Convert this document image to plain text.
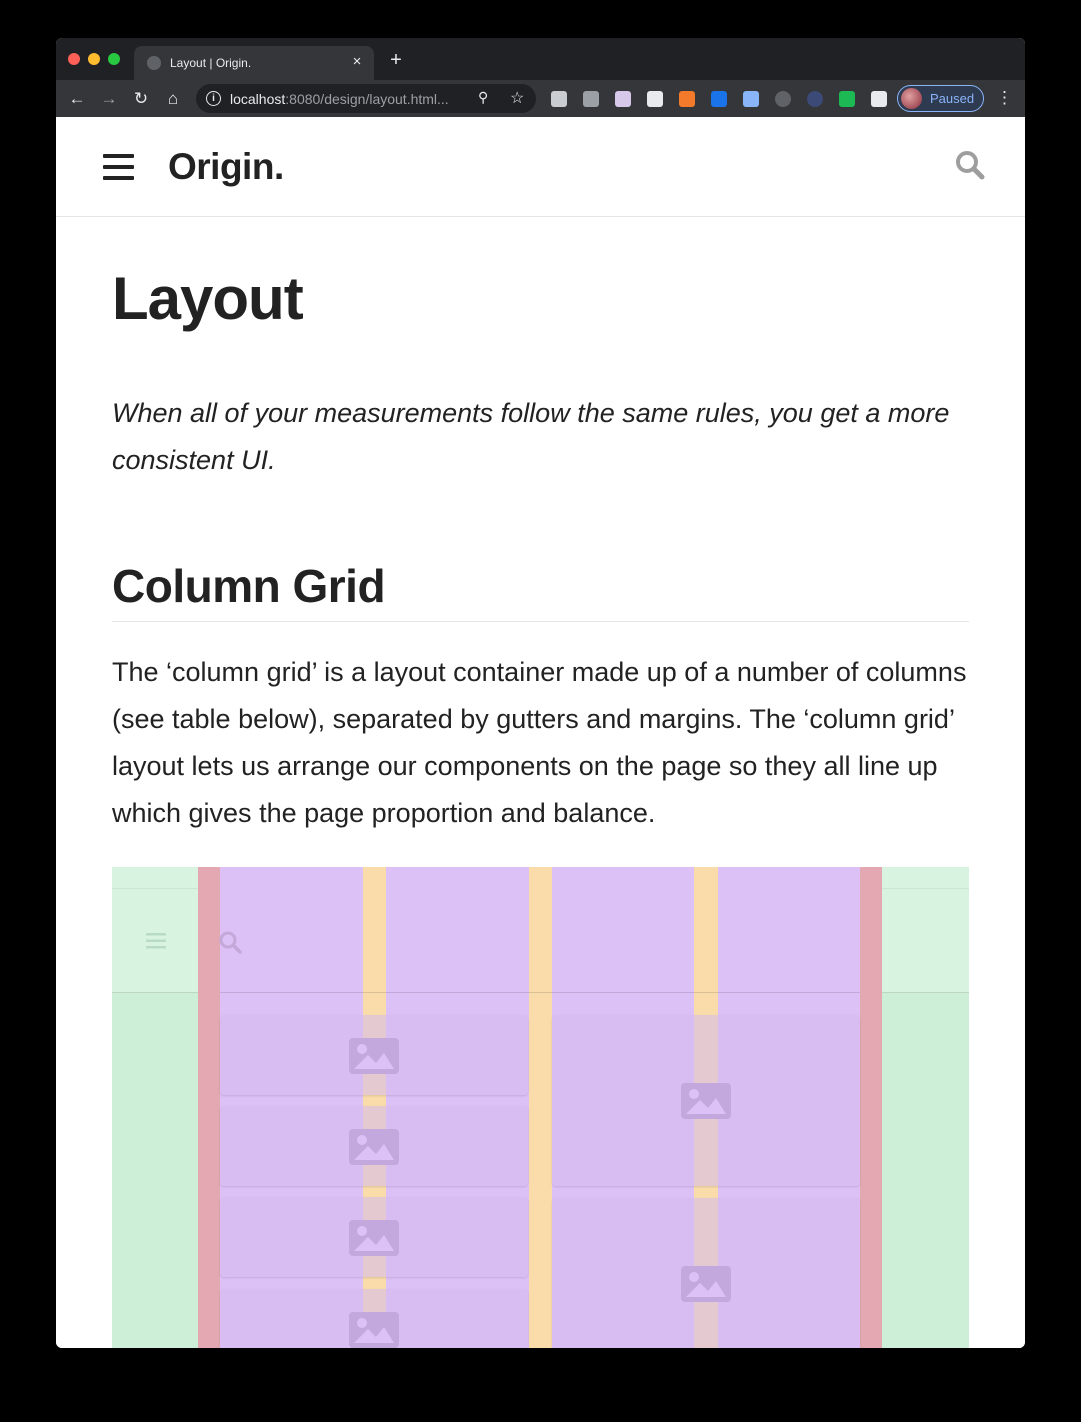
Layout | Origin.	× +
← → ↻	⌂	i	localhost:8080/design/layout.html... ⚲ ☆	Paused ⋮
Origin.
Layout
When all of your measurements follow the same rules, you get a more consistent UI.
Column Grid
The ‘column grid’ is a layout container made up of a number of columns (see table below), separated by gutters and margins. The ‘column grid’ layout lets us arrange our components on the page so they all line up which gives the page proportion and balance.
